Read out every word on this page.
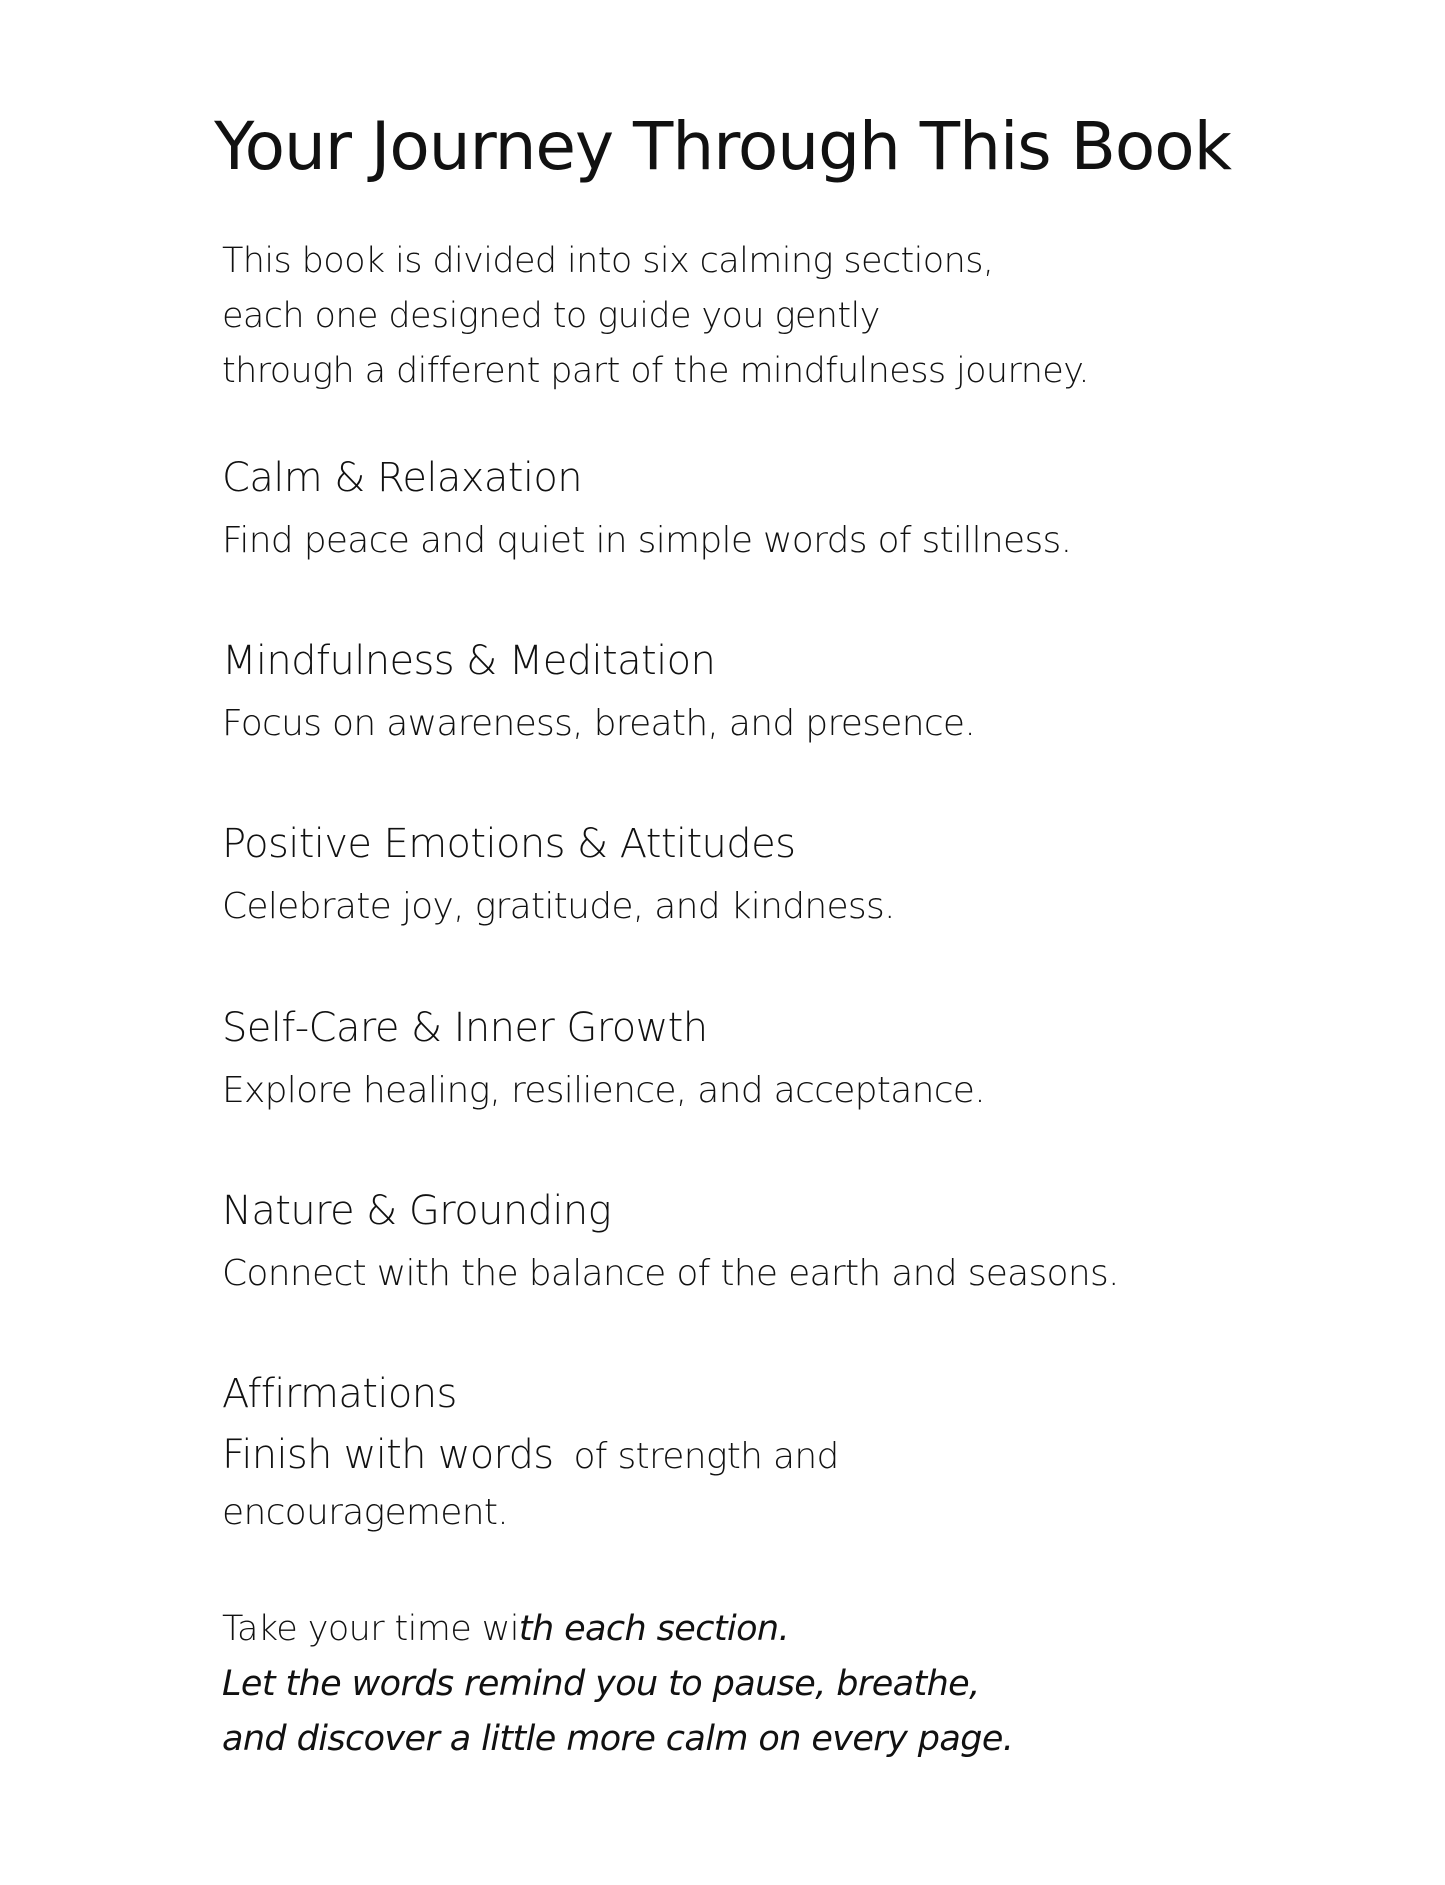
Your Journey Through This Book
This book is divided into six calming sections,
each one designed to guide you gently
through a different part of the mindfulness journey.
Calm & Relaxation
Find peace and quiet in simple words of stillness.
Mindfulness & Meditation
Focus on awareness, breath, and presence.
Positive Emotions & Attitudes
Celebrate joy, gratitude, and kindness.
Self-Care & Inner Growth
Explore healing, resilience, and acceptance.
Nature & Grounding
Connect with the balance of the earth and seasons.
Affirmations
Finish with words of strength and
encouragement.
Take your time with each section.
Let the words remind you to pause, breathe,
and discover a little more calm on every page.
